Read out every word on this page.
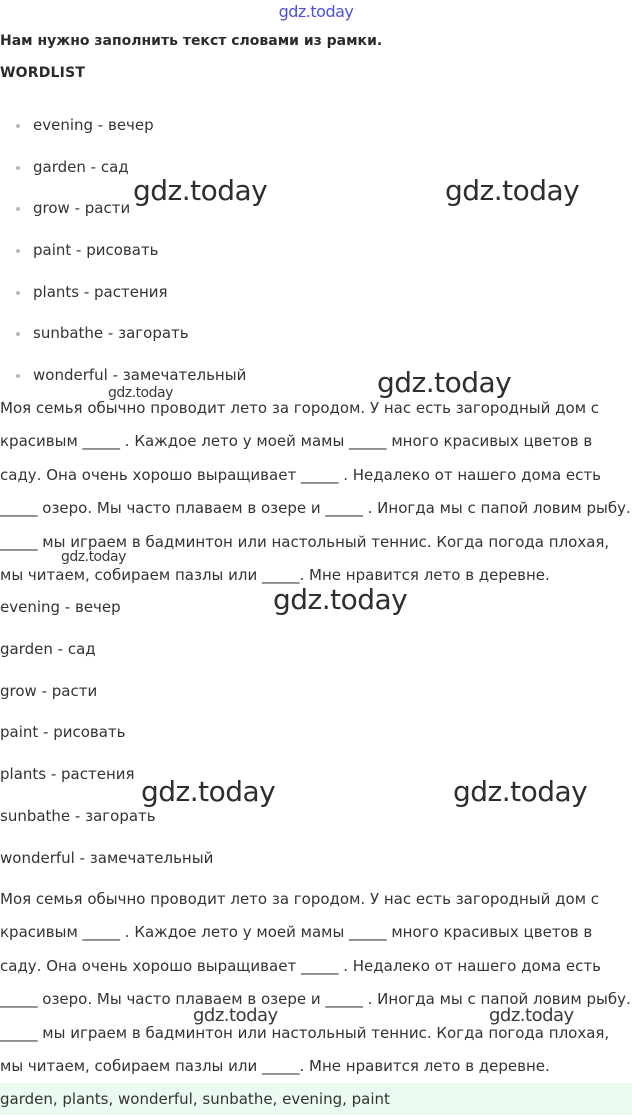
gdz.today
Нам нужно заполнить текст словами из рамки.
WORDLIST
evening - вечер
garden - сад
grow - расти
paint - рисовать
plants - растения
sunbathe - загорать
wonderful - замечательный

Моя семья обычно проводит лето за городом. У нас есть загородный дом с красивым _____ . Каждое лето у моей мамы _____ много красивых цветов в саду. Она очень хорошо выращивает _____ . Недалеко от нашего дома есть _____ озеро. Мы часто плаваем в озере и _____ . Иногда мы с папой ловим рыбу. _____ мы играем в бадминтон или настольный теннис. Когда погода плохая, мы читаем, собираем пазлы или _____. Мне нравится лето в деревне.

evening - вечер
garden - сад
grow - расти
paint - рисовать
plants - растения
sunbathe - загорать
wonderful - замечательный

Моя семья обычно проводит лето за городом. У нас есть загородный дом с красивым _____ . Каждое лето у моей мамы _____ много красивых цветов в саду. Она очень хорошо выращивает _____ . Недалеко от нашего дома есть _____ озеро. Мы часто плаваем в озере и _____ . Иногда мы с папой ловим рыбу. _____ мы играем в бадминтон или настольный теннис. Когда погода плохая, мы читаем, собираем пазлы или _____. Мне нравится лето в деревне.

garden, plants, wonderful, sunbathe, evening, paint
gdz.today	gdz.today
gdz.today	gdz.today
gdz.today
gdz.today
gdz.today	gdz.today
gdz.today	gdz.today
